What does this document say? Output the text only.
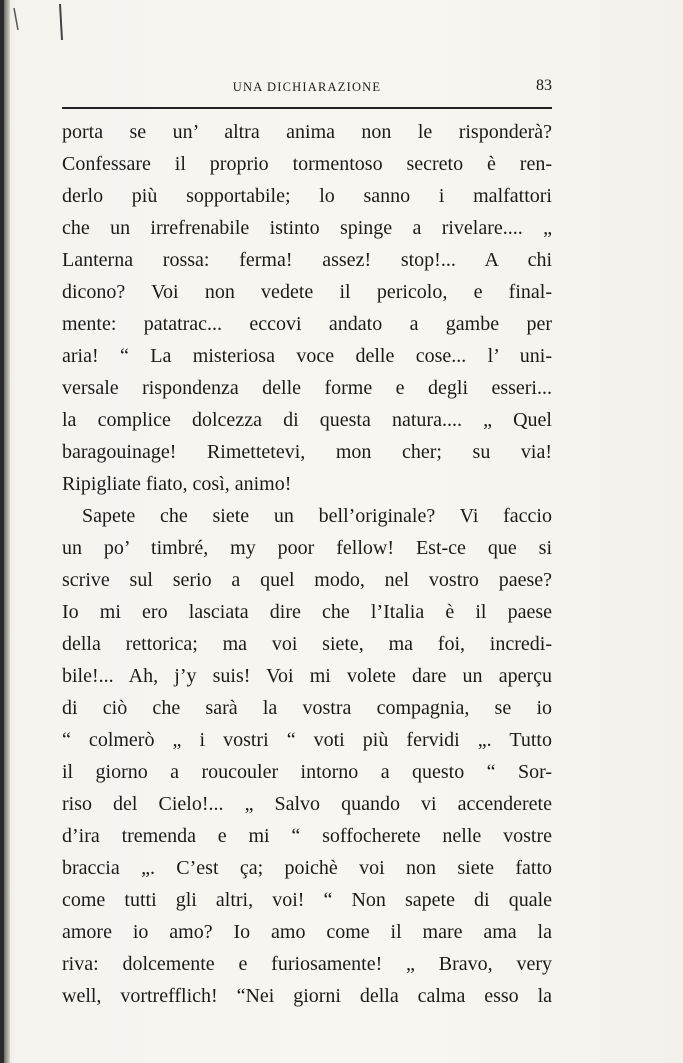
UNA DICHIARAZIONE	83
porta se un’ altra anima non le risponderà?
Confessare il proprio tormentoso secreto è ren-
derlo più sopportabile; lo sanno i malfattori
che un irrefrenabile istinto spinge a rivelare.... „
Lanterna rossa: ferma! assez! stop!... A chi
dicono? Voi non vedete il pericolo, e final-
mente: patatrac... eccovi andato a gambe per
aria! “ La misteriosa voce delle cose... l’ uni-
versale rispondenza delle forme e degli esseri...
la complice dolcezza di questa natura.... „ Quel
baragouinage! Rimettetevi, mon cher; su via!
Ripigliate fiato, così, animo!
Sapete che siete un bell’originale? Vi faccio
un po’ timbré, my poor fellow! Est-ce que si
scrive sul serio a quel modo, nel vostro paese?
Io mi ero lasciata dire che l’Italia è il paese
della rettorica; ma voi siete, ma foi, incredi-
bile!... Ah, j’y suis! Voi mi volete dare un aperçu
di ciò che sarà la vostra compagnia, se io
“ colmerò „ i vostri “ voti più fervidi „. Tutto
il giorno a roucouler intorno a questo “ Sor-
riso del Cielo!... „ Salvo quando vi accenderete
d’ira tremenda e mi “ soffocherete nelle vostre
braccia „. C’est ça; poichè voi non siete fatto
come tutti gli altri, voi! “ Non sapete di quale
amore io amo? Io amo come il mare ama la
riva: dolcemente e furiosamente! „ Bravo, very
well, vortrefflich! “Nei giorni della calma esso la
